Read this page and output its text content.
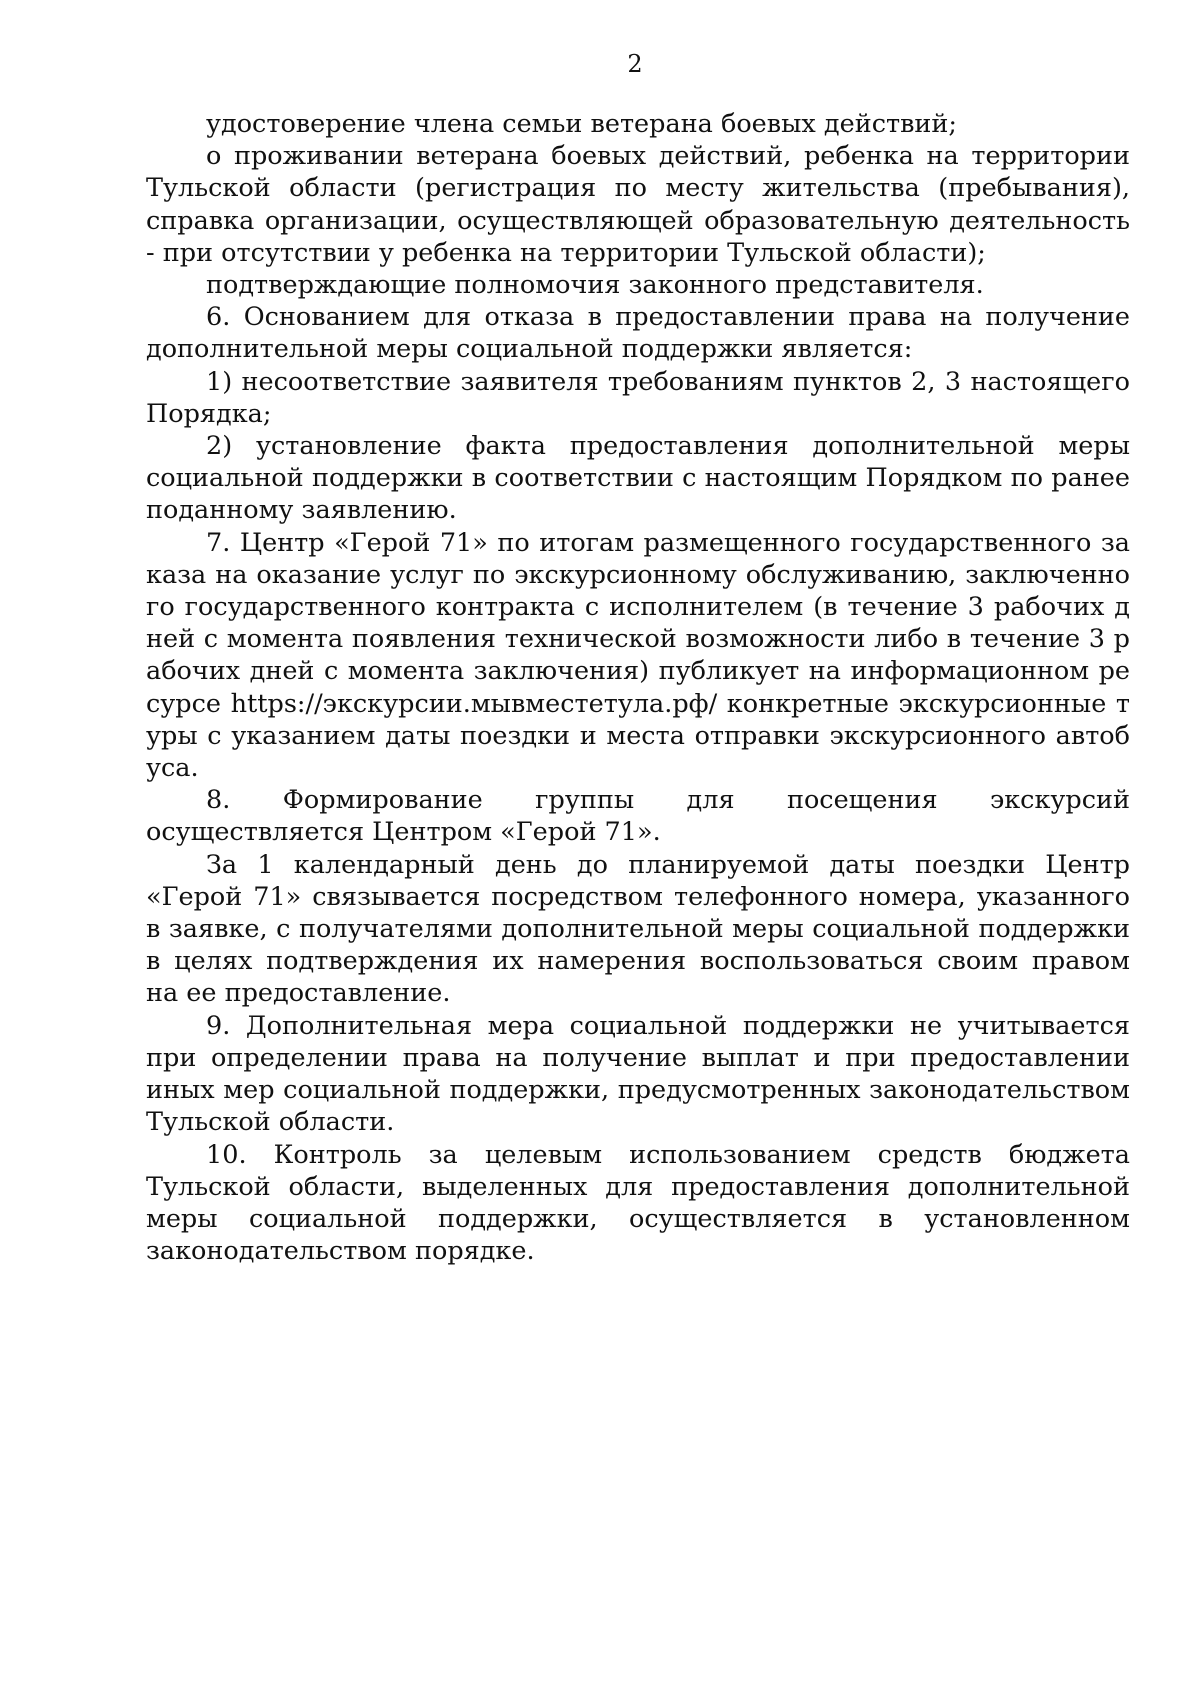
2

удостоверение члена семьи ветерана боевых действий;

о проживании ветерана боевых действий, ребенка на территории Тульской области (регистрация по месту жительства (пребывания), справка организации, осуществляющей образовательную деятельность - при отсутствии у ребенка на территории Тульской области);

подтверждающие полномочия законного представителя.

6. Основанием для отказа в предоставлении права на получение дополнительной меры социальной поддержки является:

1) несоответствие заявителя требованиям пунктов 2, 3 настоящего Порядка;

2) установление факта предоставления дополнительной меры социальной поддержки в соответствии с настоящим Порядком по ранее поданному заявлению.

7. Центр «Герой 71» по итогам размещенного государственного заказа на оказание услуг по экскурсионному обслуживанию, заключенного государственного контракта с исполнителем (в течение 3 рабочих дней с момента появления технической возможности либо в течение 3 рабочих дней с момента заключения) публикует на информационном ресурсе https://экскурсии.мывместетула.рф/ конкретные экскурсионные туры с указанием даты поездки и места отправки экскурсионного автобуса.

8. Формирование группы для посещения экскурсий осуществляется Центром «Герой 71».

За 1 календарный день до планируемой даты поездки Центр «Герой 71» связывается посредством телефонного номера, указанного в заявке, с получателями дополнительной меры социальной поддержки в целях подтверждения их намерения воспользоваться своим правом на ее предоставление.

9. Дополнительная мера социальной поддержки не учитывается при определении права на получение выплат и при предоставлении иных мер социальной поддержки, предусмотренных законодательством Тульской области.

10. Контроль за целевым использованием средств бюджета Тульской области, выделенных для предоставления дополнительной меры социальной поддержки, осуществляется в установленном законодательством порядке.
